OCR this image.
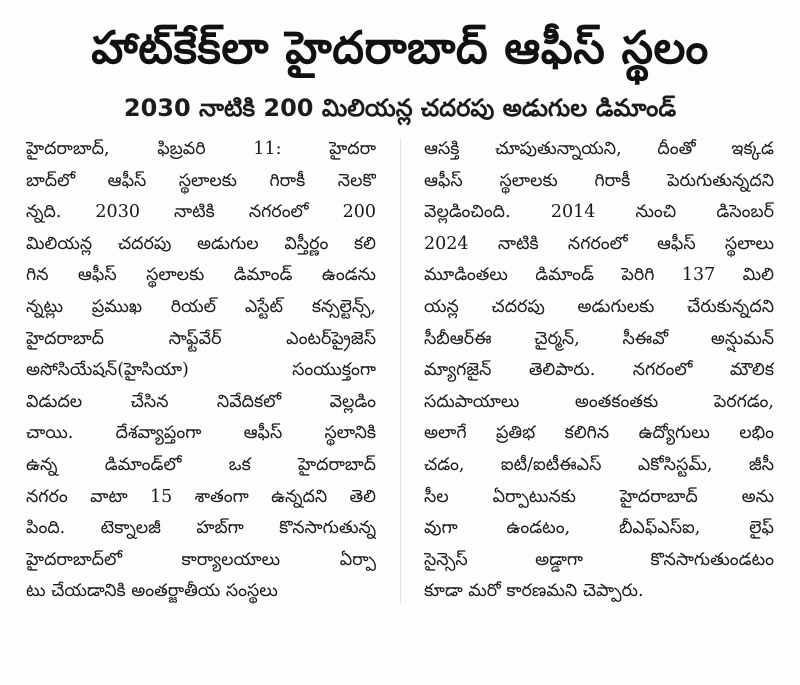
హాట్‌కేక్‌లా హైదరాబాద్ ఆఫీస్ స్థలం
2030 నాటికి 200 మిలియన్ల చదరపు అడుగుల డిమాండ్
హైదరాబాద్, ఫిబ్రవరి 11: హైదరా
బాద్‌లో ఆఫీస్ స్థలాలకు గిరాకీ నెలకొ
న్నది. 2030 నాటికి నగరంలో 200
మిలియన్ల చదరపు అడుగుల విస్తీర్ణం కలి
గిన ఆఫీస్ స్థలాలకు డిమాండ్ ఉండను
న్నట్లు ప్రముఖ రియల్ ఎస్టేట్ కన్సల్టెన్స్,
హైదరాబాద్ సాఫ్ట్‌వేర్ ఎంటర్‌ప్రైజెస్
అసోసియేషన్(హైసియా) సంయుక్తంగా
విడుదల చేసిన నివేదికలో వెల్లడిం
చాయి. దేశవ్యాప్తంగా ఆఫీస్ స్థలానికి
ఉన్న డిమాండ్‌లో ఒక హైదరాబాద్
నగరం వాటా 15 శాతంగా ఉన్నదని తెలి
పింది. టెక్నాలజీ హబ్‌గా కొనసాగుతున్న
హైదరాబాద్‌లో కార్యాలయాలు ఏర్పా
టు చేయడానికి అంతర్జాతీయ సంస్థలు
ఆసక్తి చూపుతున్నాయని, దీంతో ఇక్కడ
ఆఫీస్ స్థలాలకు గిరాకీ పెరుగుతున్నదని
వెల్లడించింది. 2014 నుంచి డిసెంబర్
2024 నాటికి నగరంలో ఆఫీస్ స్థలాలు
మూడింతలు డిమాండ్ పెరిగి 137 మిలి
యన్ల చదరపు అడుగులకు చేరుకున్నదని
సీబీఆర్‌ఈ చైర్మన్, సీఈవో అన్షుమన్
మ్యాగజైన్ తెలిపారు. నగరంలో మౌలిక
సదుపాయాలు అంతకంతకు పెరగడం,
అలాగే ప్రతిభ కలిగిన ఉద్యోగులు లభిం
చడం, ఐటీ/ఐటీఈఎస్ ఎకోసిస్టమ్, జీసీ
సీల ఏర్పాటునకు హైదరాబాద్ అను
వుగా ఉండటం, బీఎఫ్ఎస్ఐ, లైఫ్
సైన్సెస్ అడ్డాగా కొనసాగుతుండటం
కూడా మరో కారణమని చెప్పారు.
